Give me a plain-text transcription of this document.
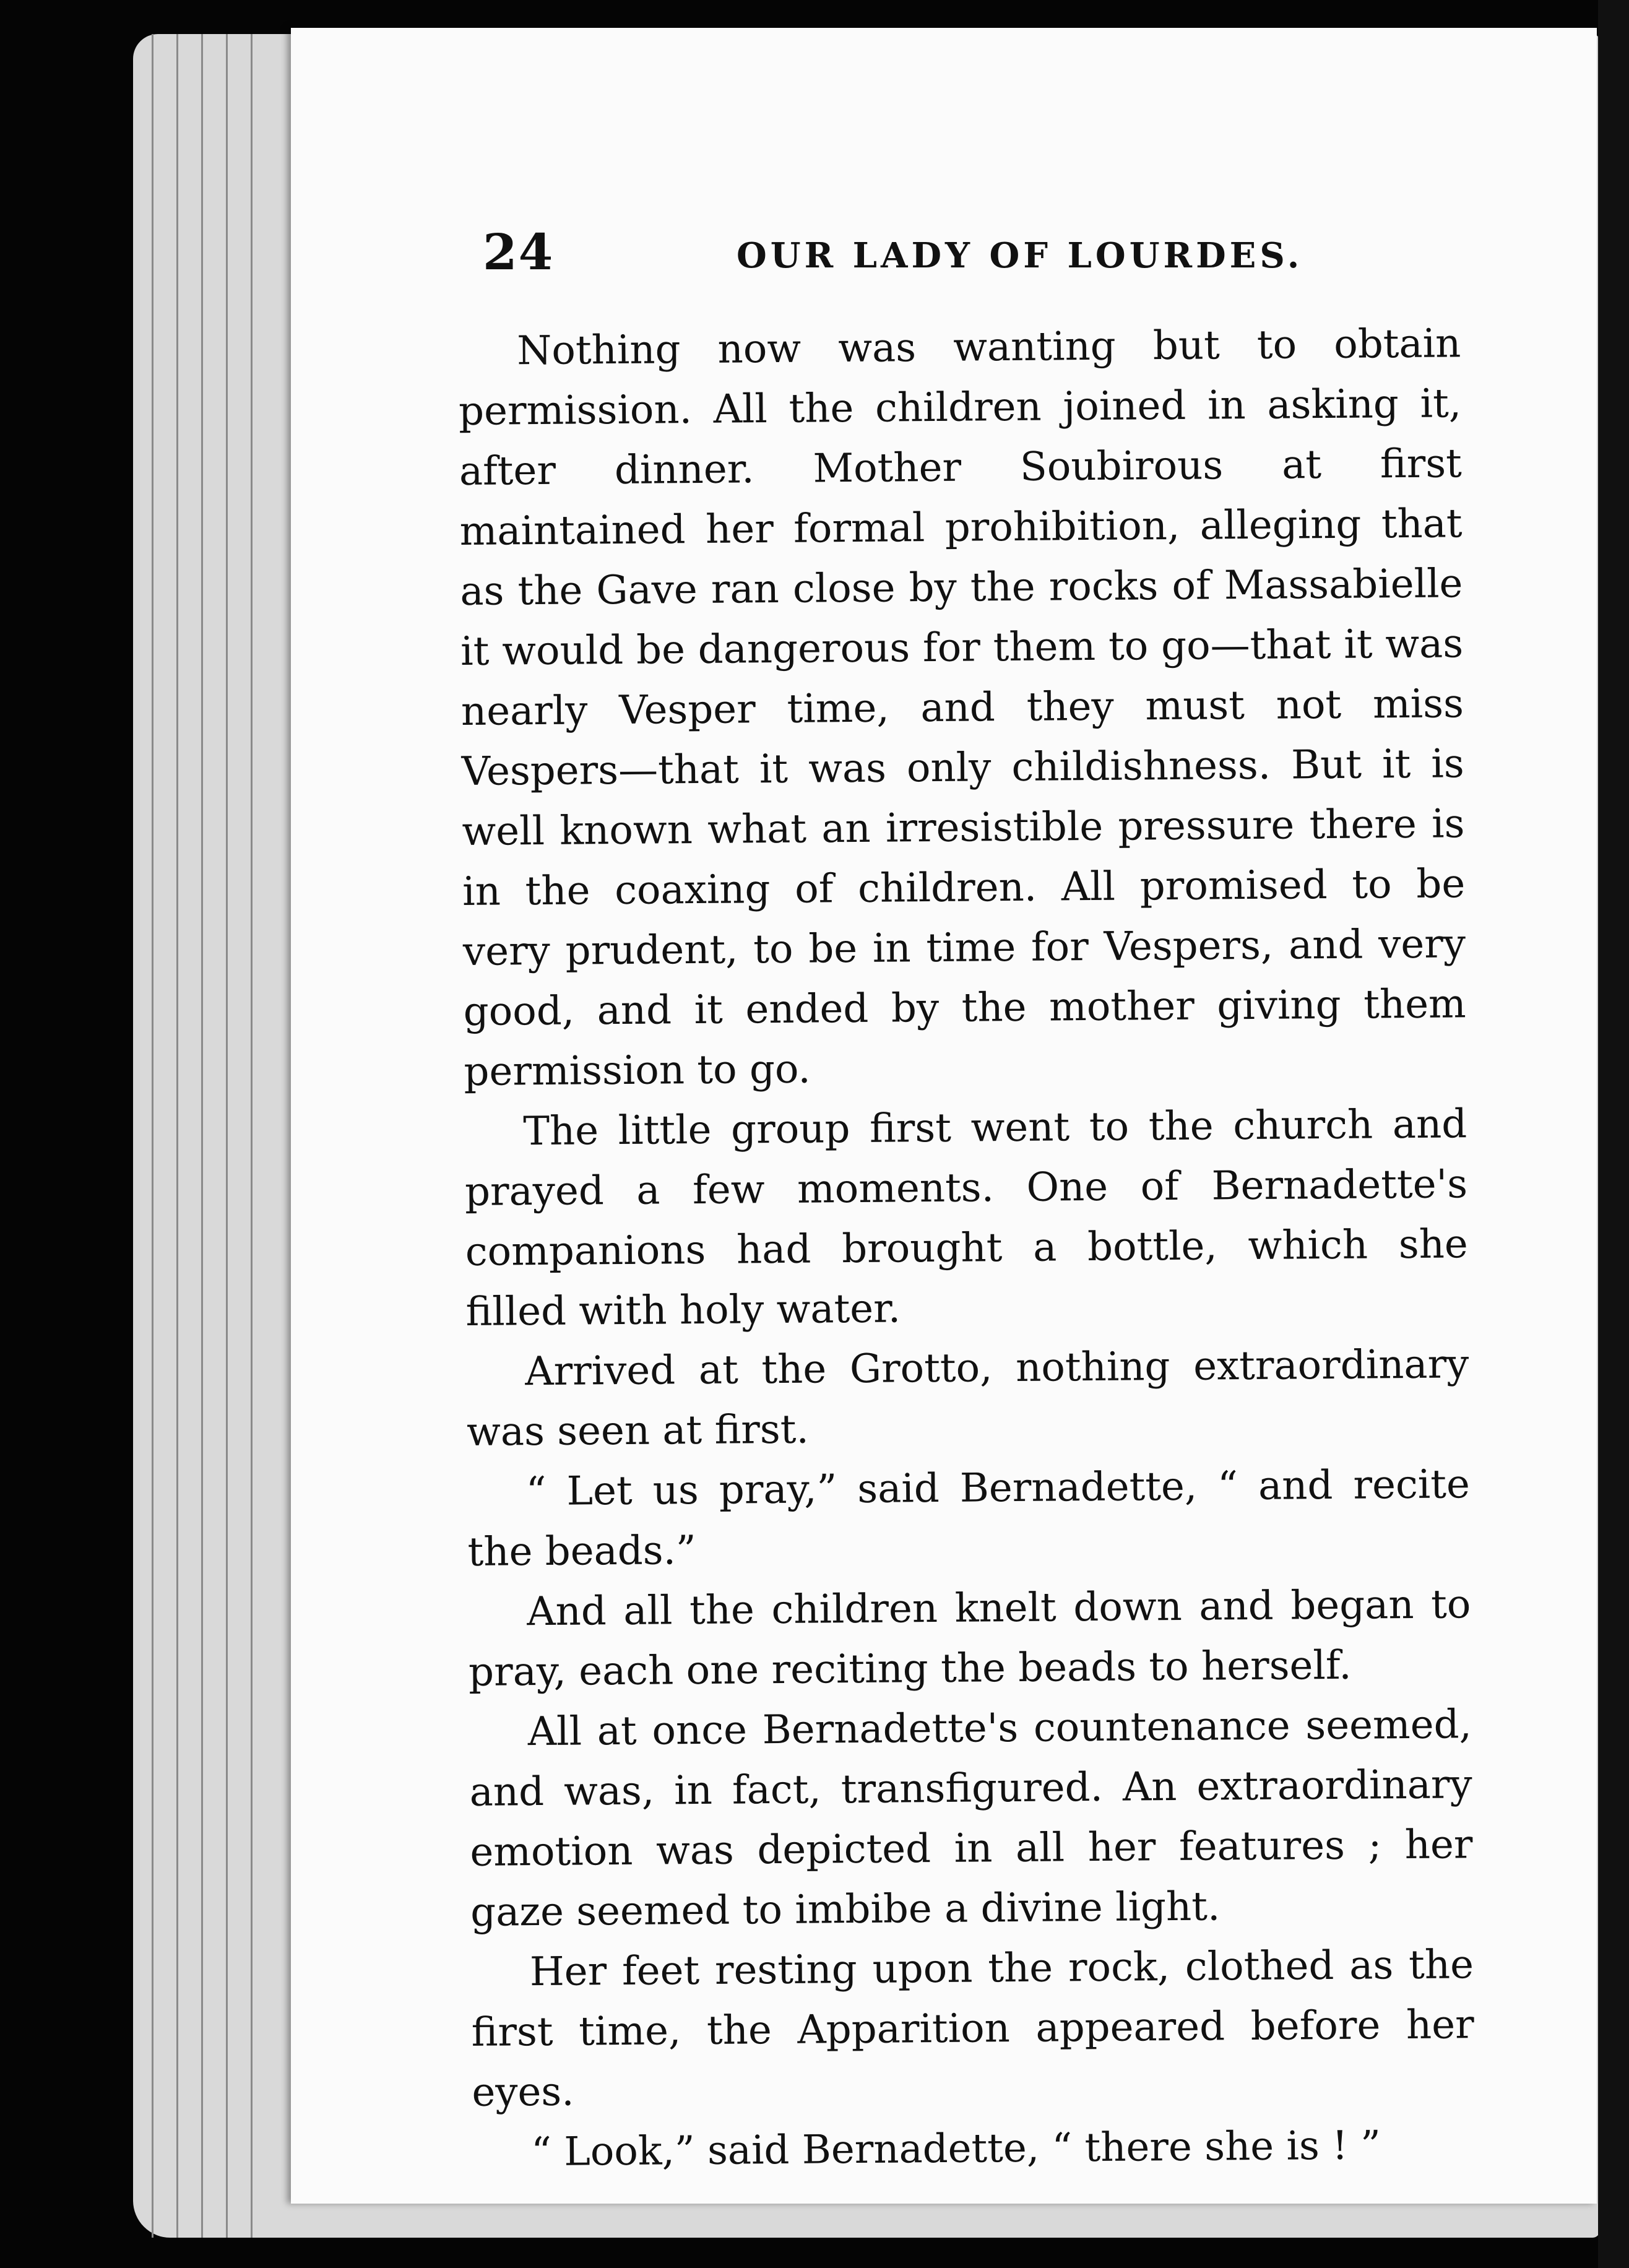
24	OUR LADY OF LOURDES.

Nothing now was wanting but to obtain permission. All the children joined in asking it, after dinner. Mother Soubirous at first maintained her formal prohibition, alleging that as the Gave ran close by the rocks of Massabielle it would be dangerous for them to go—that it was nearly Vesper time, and they must not miss Vespers—that it was only childishness. But it is well known what an irresistible pressure there is in the coaxing of children. All promised to be very prudent, to be in time for Vespers, and very good, and it ended by the mother giving them permission to go.

The little group first went to the church and prayed a few moments. One of Bernadette's companions had brought a bottle, which she filled with holy water.

Arrived at the Grotto, nothing extraordinary was seen at first.

“ Let us pray,” said Bernadette, “ and recite the beads.”

And all the children knelt down and began to pray, each one reciting the beads to herself.

All at once Bernadette's countenance seemed, and was, in fact, transfigured. An extraordinary emotion was depicted in all her features ; her gaze seemed to imbibe a divine light.

Her feet resting upon the rock, clothed as the first time, the Apparition appeared before her eyes.

“ Look,” said Bernadette, “ there she is ! ”
